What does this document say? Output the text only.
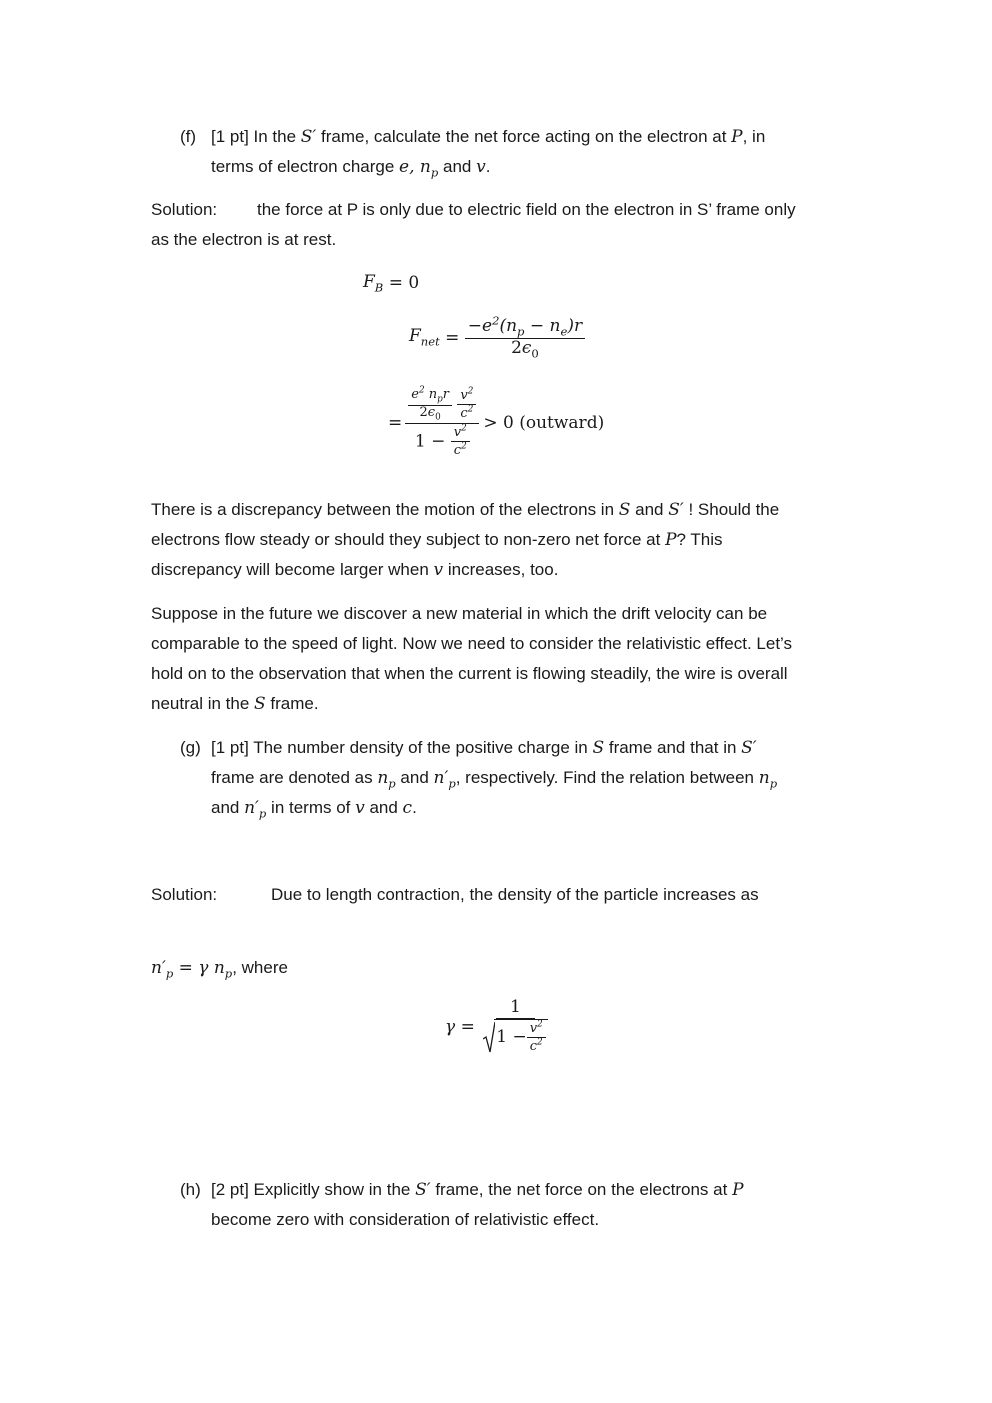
(f) [1 pt] In the S′ frame, calculate the net force acting on the electron at P, in
terms of electron charge e, $n_p$ and v.
Solution: the force at P is only due to electric field on the electron in S’ frame only
as the electron is at rest.
$F_B$
= 0
$F_{net} = \frac{-e^2(n_p - n_e)r}{2\epsilon_0}$
= $\frac{e^2 n_pr}{2\epsilon_0}$
$\frac{v^2}{c^2}$
$1 - \frac{v^2}{c^2} > 0$ (outward)
There is a discrepancy between the motion of the electrons in S and S′ ! Should the
electrons flow steady or should they subject to non-zero net force at P? This
discrepancy will become larger when v increases, too.
Suppose in the future we discover a new material in which the drift velocity can be
comparable to the speed of light. Now we need to consider the relativistic effect. Let’s
hold on to the observation that when the current is flowing steadily, the wire is overall
neutral in the S frame.
(g) [1 pt] The number density of the positive charge in S frame and that in S′
frame are denoted as $n_p$ and $n'_p$, respectively. Find the relation between $n_p$
and $n'_p$ in terms of v and c.
Solution:	Due to length contraction, the density of the particle increases as
$n'_p = \gamma$ $n_p$, where
$\gamma = \frac{1}{1 - \frac{v^2}{c^2}}$
(h) [2 pt] Explicitly show in the S′ frame, the net force on the electrons at P
become zero with consideration of relativistic effect.
